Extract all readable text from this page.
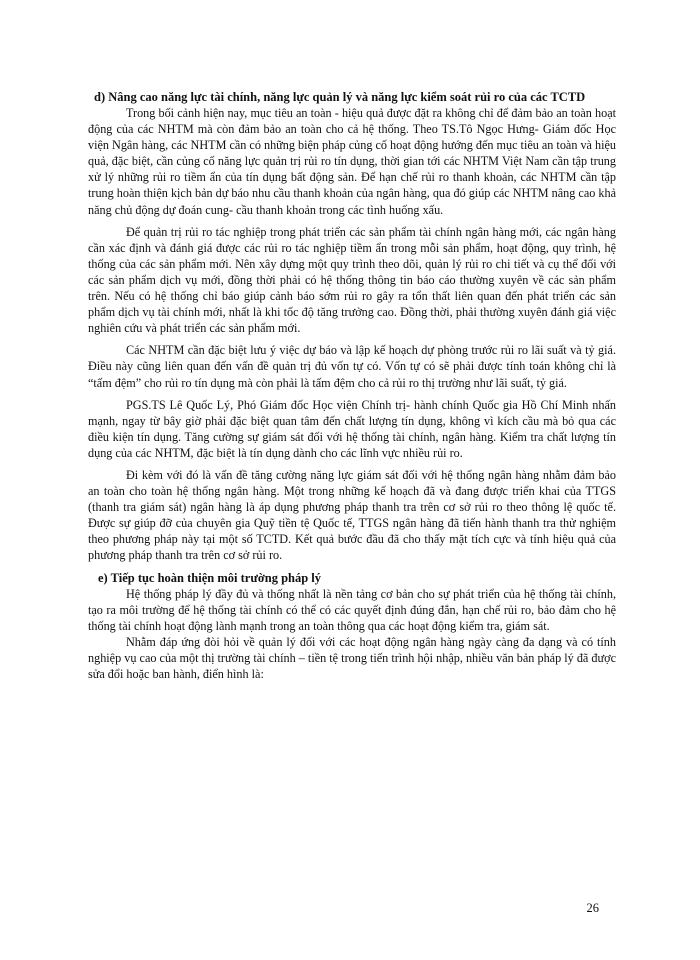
d) Nâng cao năng lực tài chính, năng lực quản lý và năng lực kiểm soát rủi ro của các TCTD

Trong bối cảnh hiện nay, mục tiêu an toàn - hiệu quả được đặt ra không chỉ để đảm bảo an toàn hoạt động của các NHTM mà còn đảm bảo an toàn cho cả hệ thống. Theo TS.Tô Ngọc Hưng- Giám đốc Học viện Ngân hàng, các NHTM cần có những biện pháp củng cố hoạt động hướng đến mục tiêu an toàn và hiệu quả, đặc biệt, cần củng cố năng lực quản trị rủi ro tín dụng, thời gian tới các NHTM Việt Nam cần tập trung xử lý những rủi ro tiềm ẩn của tín dụng bất động sản. Để hạn chế rủi ro thanh khoản, các NHTM cần tập trung hoàn thiện kịch bản dự báo nhu cầu thanh khoản của ngân hàng, qua đó giúp các NHTM nâng cao khả năng chủ động dự đoán cung- cầu thanh khoản trong các tình huống xấu.

Để quản trị rủi ro tác nghiệp trong phát triển các sản phẩm tài chính ngân hàng mới, các ngân hàng cần xác định và đánh giá được các rủi ro tác nghiệp tiềm ẩn trong mỗi sản phẩm, hoạt động, quy trình, hệ thống của các sản phẩm mới. Nên xây dựng một quy trình theo dõi, quản lý rủi ro chi tiết và cụ thể đối với các sản phẩm dịch vụ mới, đồng thời phải có hệ thống thông tin báo cáo thường xuyên về các sản phẩm trên. Nếu có hệ thống chỉ báo giúp cảnh báo sớm rủi ro gây ra tổn thất liên quan đến phát triển các sản phẩm dịch vụ tài chính mới, nhất là khi tốc độ tăng trưởng cao. Đồng thời, phải thường xuyên đánh giá việc nghiên cứu và phát triển các sản phẩm mới.

Các NHTM cần đặc biệt lưu ý việc dự báo và lập kế hoạch dự phòng trước rủi ro lãi suất và tỷ giá. Điều này cũng liên quan đến vấn đề quản trị đủ vốn tự có. Vốn tự có sẽ phải được tính toán không chỉ là “tấm đệm” cho rủi ro tín dụng mà còn phải là tấm đệm cho cả rủi ro thị trường như lãi suất, tỷ giá.

PGS.TS Lê Quốc Lý, Phó Giám đốc Học viện Chính trị- hành chính Quốc gia Hồ Chí Minh nhấn mạnh, ngay từ bây giờ phải đặc biệt quan tâm đến chất lượng tín dụng, không vì kích cầu mà bỏ qua các điều kiện tín dụng. Tăng cường sự giám sát đối với hệ thống tài chính, ngân hàng. Kiểm tra chất lượng tín dụng của các NHTM, đặc biệt là tín dụng dành cho các lĩnh vực nhiều rủi ro.

Đi kèm với đó là vấn đề tăng cường năng lực giám sát đối với hệ thống ngân hàng nhằm đảm bảo an toàn cho toàn hệ thống ngân hàng. Một trong những kế hoạch đã và đang được triển khai của TTGS (thanh tra giám sát) ngân hàng là áp dụng phương pháp thanh tra trên cơ sở rủi ro theo thông lệ quốc tế. Được sự giúp đỡ của chuyên gia Quỹ tiền tệ Quốc tế, TTGS ngân hàng đã tiến hành thanh tra thử nghiệm theo phương pháp này tại một số TCTD. Kết quả bước đầu đã cho thấy mặt tích cực và tính hiệu quả của phương pháp thanh tra trên cơ sở rủi ro.

e) Tiếp tục hoàn thiện môi trường pháp lý

Hệ thống pháp lý đầy đủ và thống nhất là nền tảng cơ bản cho sự phát triển của hệ thống tài chính, tạo ra môi trường để hệ thống tài chính có thể có các quyết định đúng đắn, hạn chế rủi ro, bảo đảm cho hệ thống tài chính hoạt động lành mạnh trong an toàn thông qua các hoạt động kiểm tra, giám sát.

Nhằm đáp ứng đòi hỏi về quản lý đối với các hoạt động ngân hàng ngày càng đa dạng và có tính nghiệp vụ cao của một thị trường tài chính – tiền tệ trong tiến trình hội nhập, nhiều văn bản pháp lý đã được sửa đổi hoặc ban hành, điển hình là:

26
